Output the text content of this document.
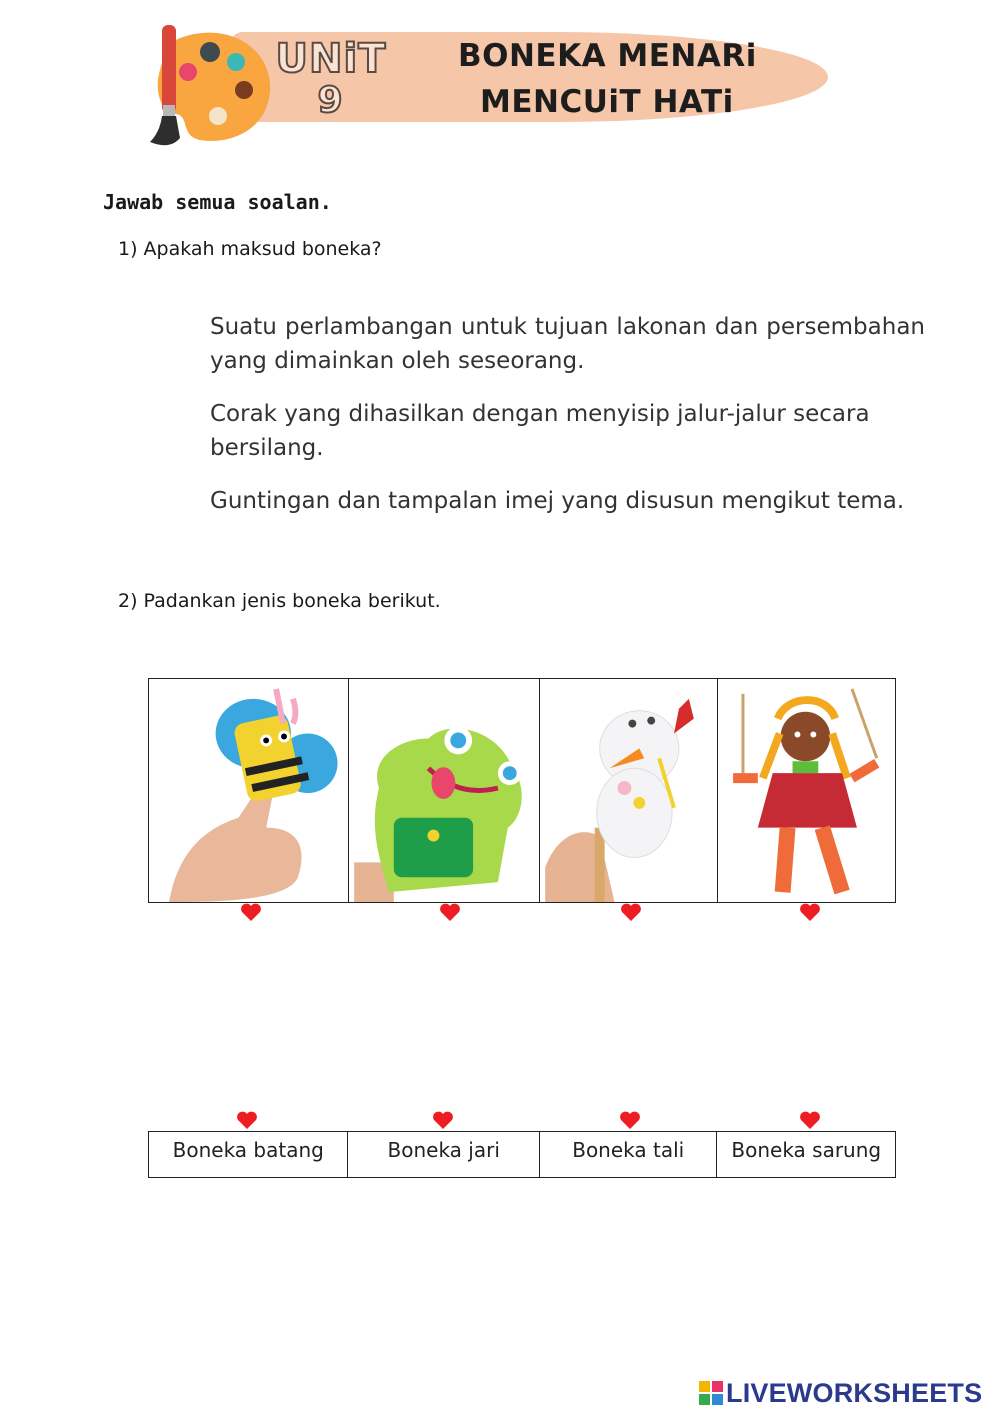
UNiT
9
BONEKA MENARi
MENCUiT HATi
Jawab semua soalan.
1) Apakah maksud boneka?
Suatu perlambangan untuk tujuan lakonan dan persembahan yang dimainkan oleh seseorang.
Corak yang dihasilkan dengan menyisip jalur-jalur secara bersilang.
Guntingan dan tampalan imej yang disusun mengikut tema.
2) Padankan jenis boneka berikut.
Boneka batang	Boneka jari	Boneka tali	Boneka sarung
LIVEWORKSHEETS
